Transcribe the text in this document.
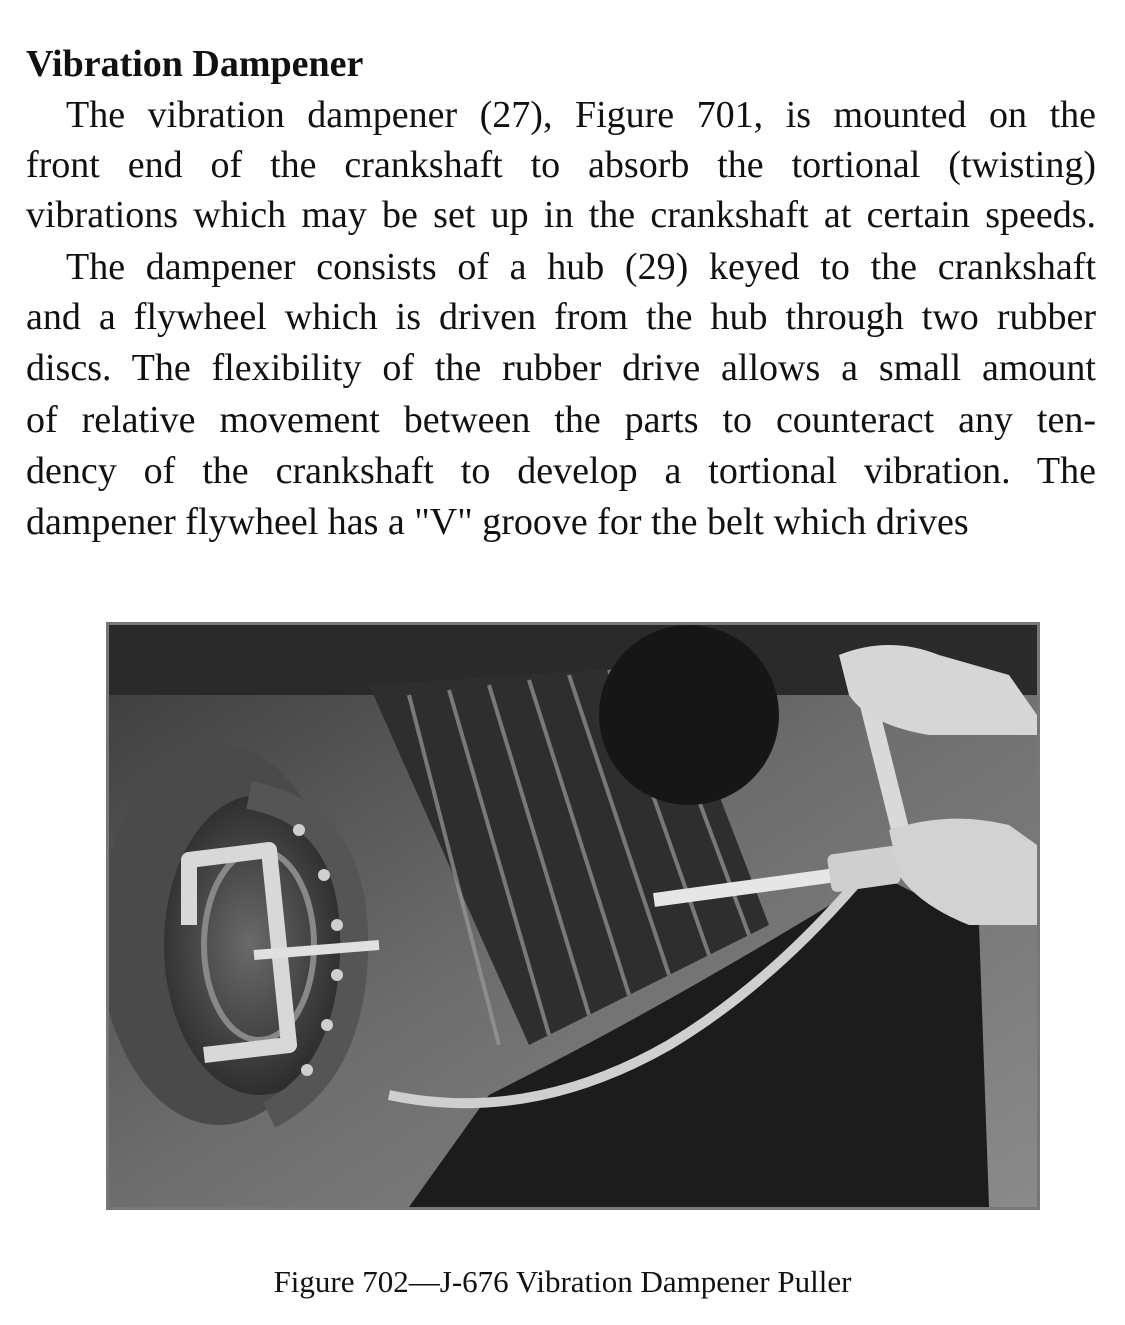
Vibration Dampener
The vibration dampener (27), Figure 701, is mounted on the
front end of the crankshaft to absorb the tortional (twisting)
vibrations which may be set up in the crankshaft at certain speeds.
The dampener consists of a hub (29) keyed to the crankshaft
and a flywheel which is driven from the hub through two rubber
discs. The flexibility of the rubber drive allows a small amount
of relative movement between the parts to counteract any ten-
dency of the crankshaft to develop a tortional vibration. The
dampener flywheel has a "V" groove for the belt which drives
Figure 702—J-676 Vibration Dampener Puller
